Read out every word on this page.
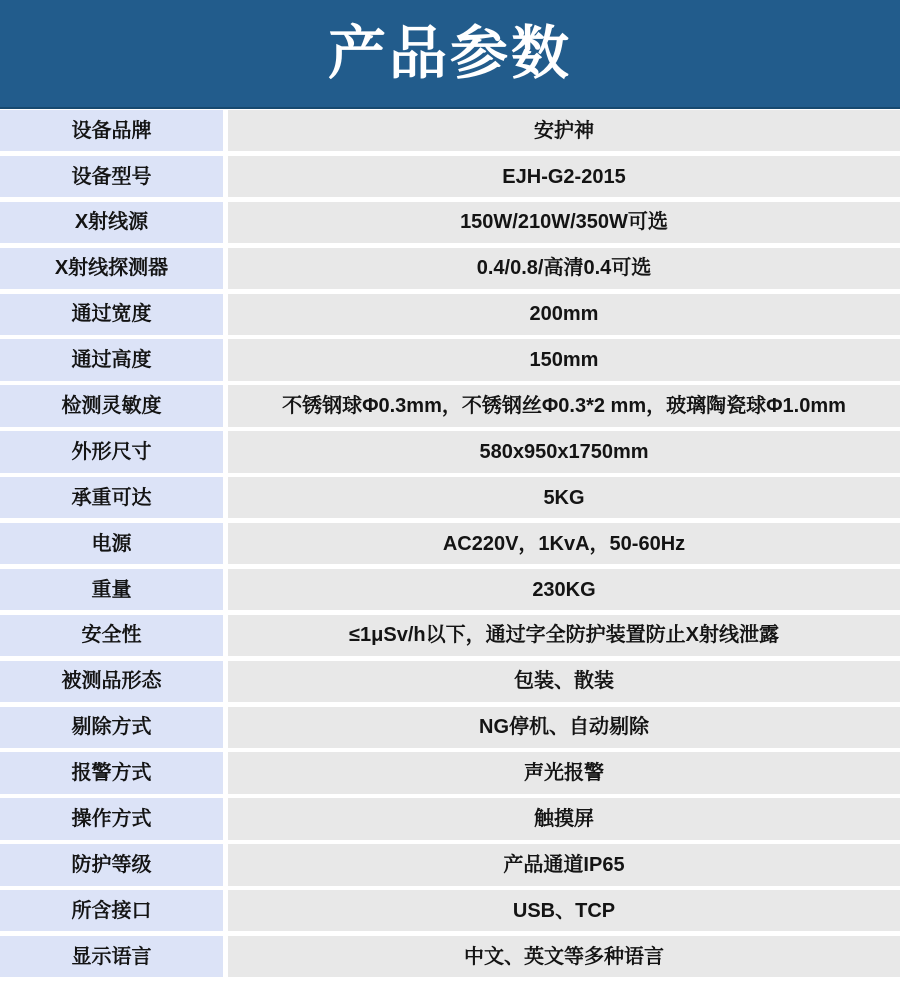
产品参数
设备品牌	安护神
设备型号	EJH-G2-2015
X射线源	150W/210W/350W可选
X射线探测器	0.4/0.8/高清0.4可选
通过宽度	200mm
通过高度	150mm
检测灵敏度	不锈钢球Φ0.3mm，不锈钢丝Φ0.3*2 mm，玻璃陶瓷球Φ1.0mm
外形尺寸	580x950x1750mm
承重可达	5KG
电源	AC220V，1KvA，50-60Hz
重量	230KG
安全性	≤1μSv/h以下，通过字全防护装置防止X射线泄露
被测品形态	包装、散装
剔除方式	NG停机、自动剔除
报警方式	声光报警
操作方式	触摸屏
防护等级	产品通道IP65
所含接口	USB、TCP
显示语言	中文、英文等多种语言
